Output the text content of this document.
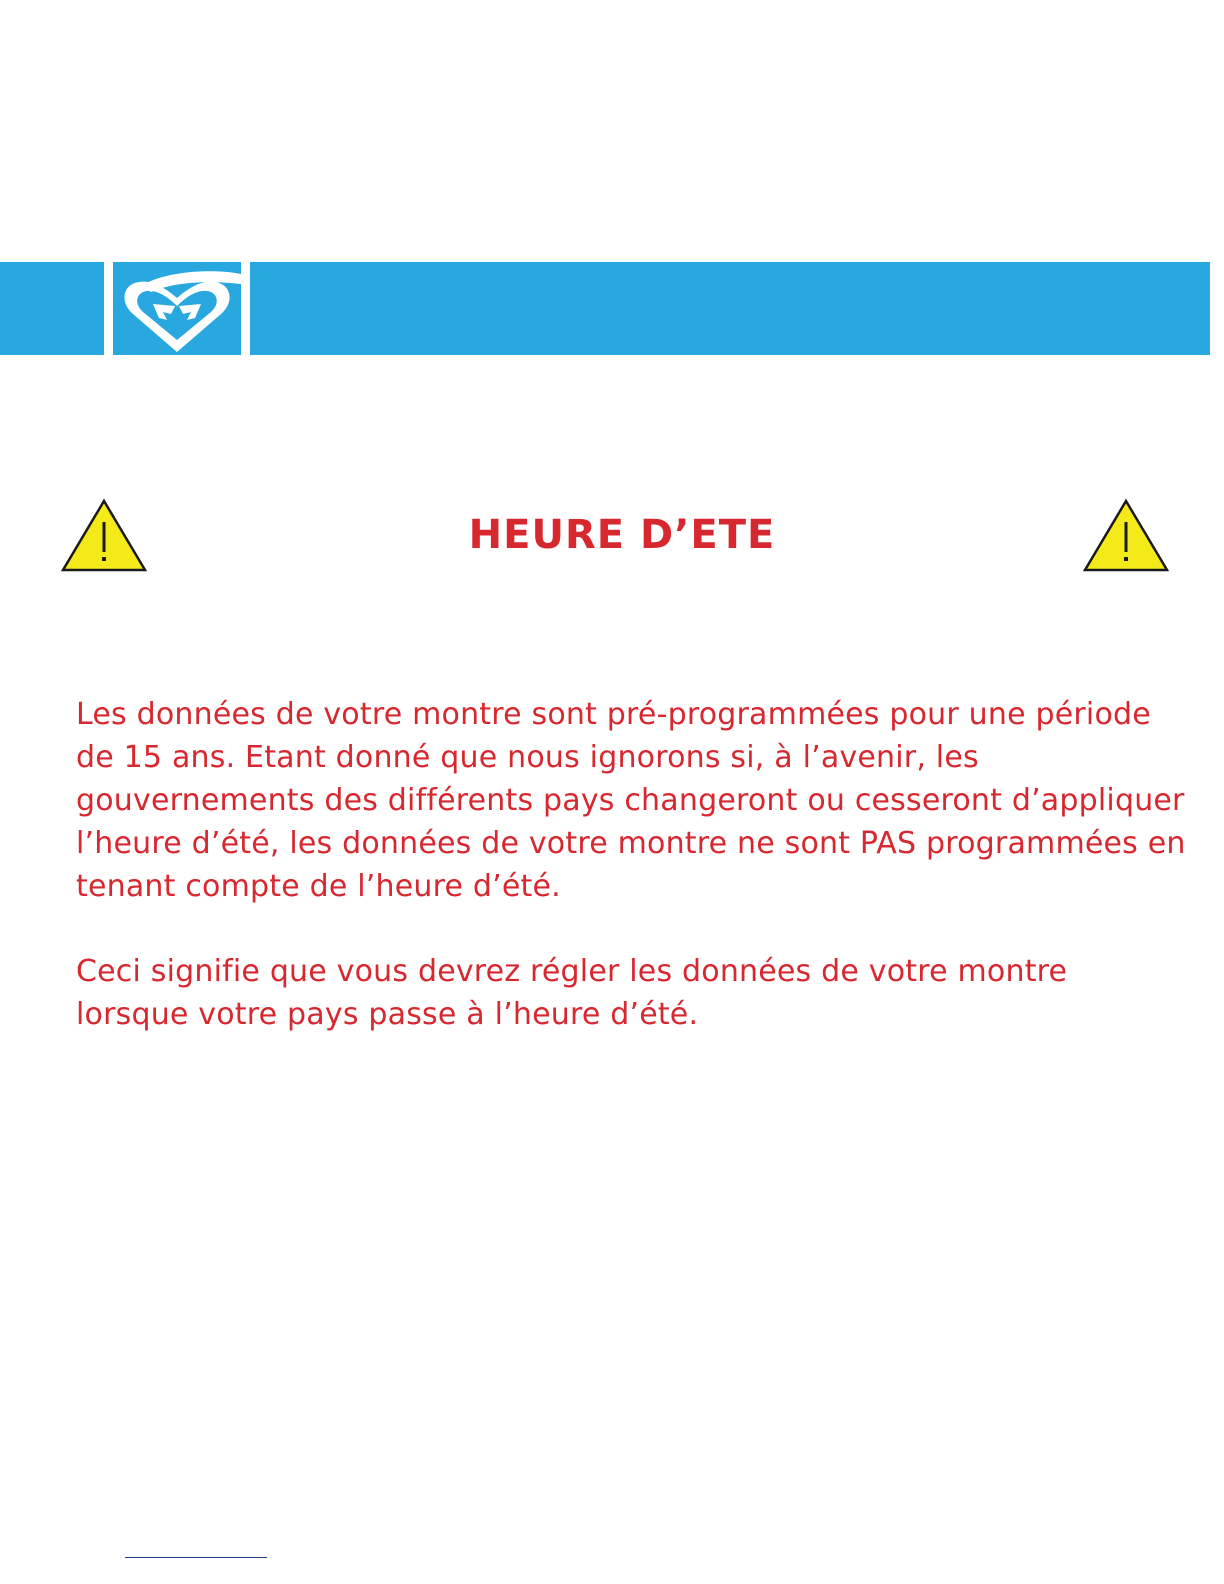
HEURE D’ETE

Les données de votre montre sont pré-programmées pour une période de 15 ans. Etant donné que nous ignorons si, à l’avenir, les gouvernements des différents pays changeront ou cesseront d’appliquer l’heure d’été, les données de votre montre ne sont PAS programmées en tenant compte de l’heure d’été.

Ceci signifie que vous devrez régler les données de votre montre lorsque votre pays passe à l’heure d’été.
